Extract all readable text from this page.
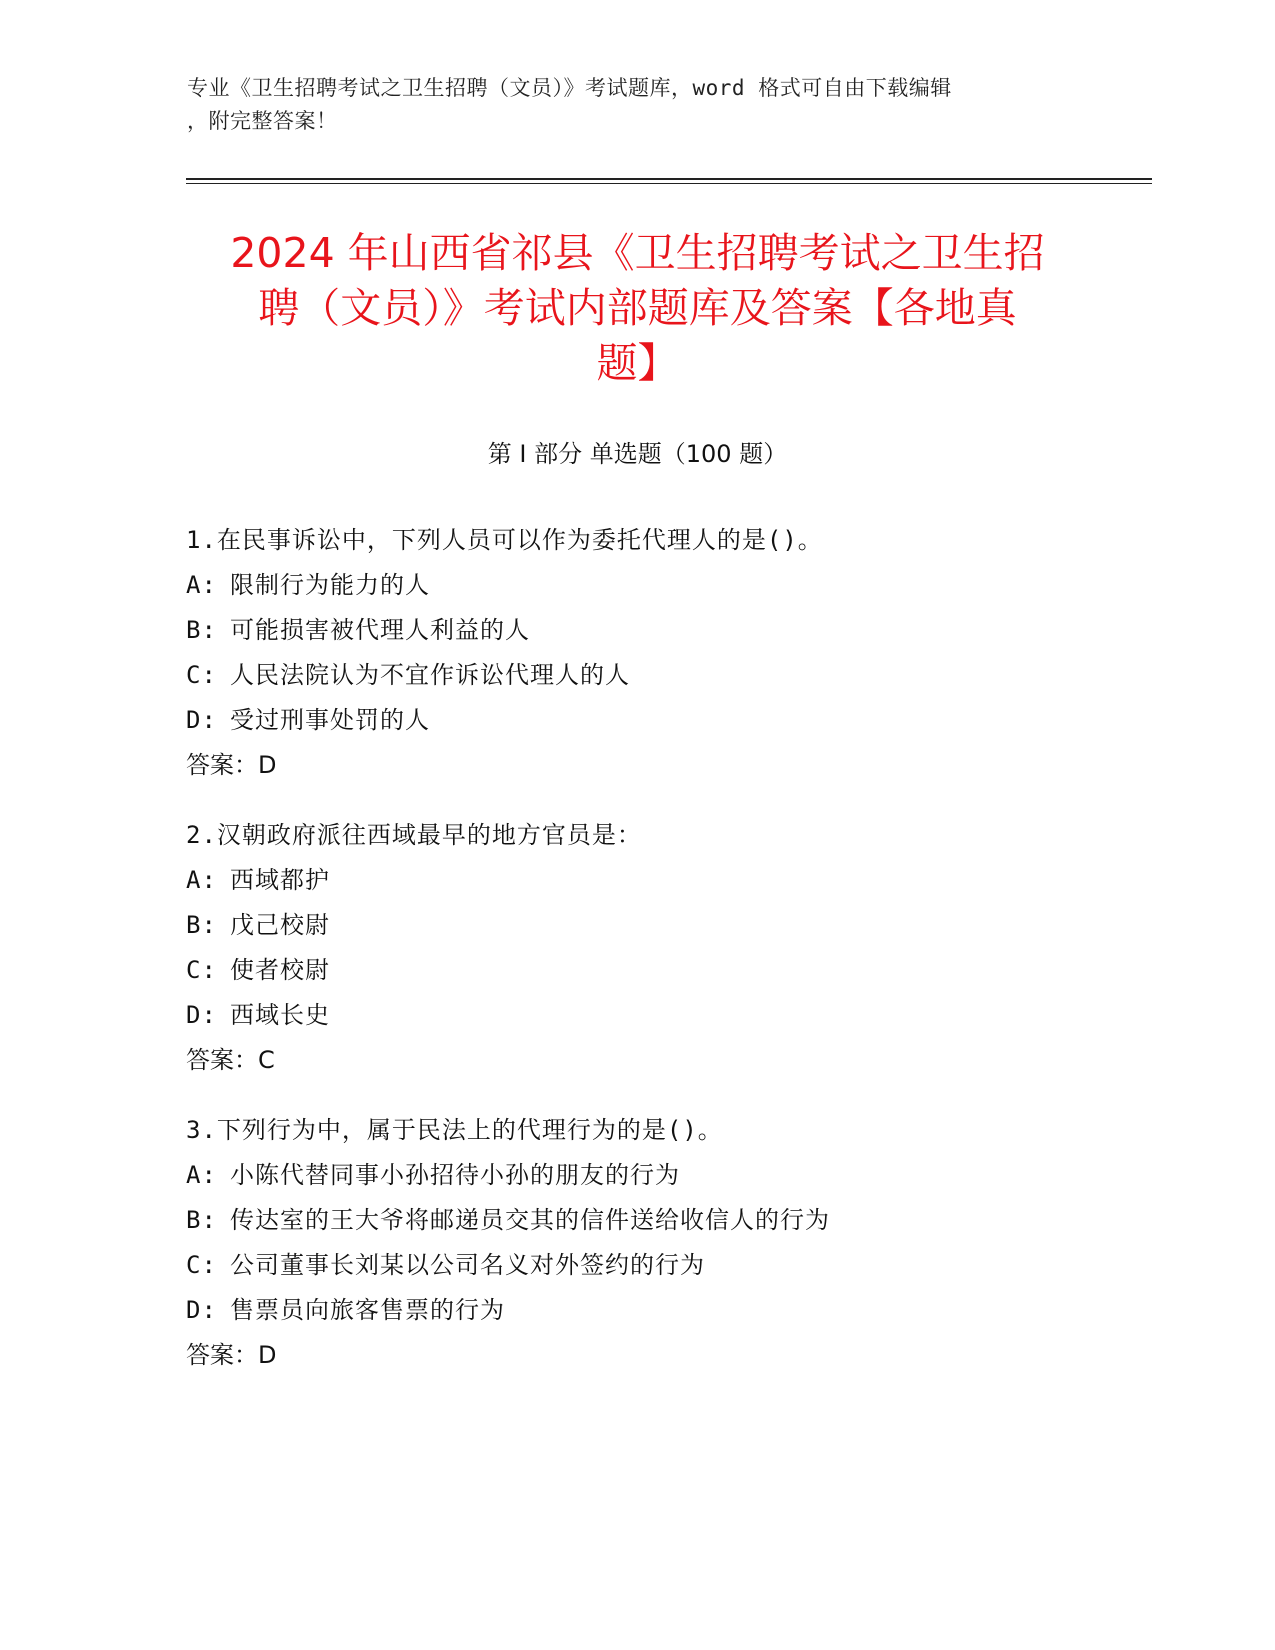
专业《卫生招聘考试之卫生招聘（文员）》考试题库，word 格式可自由下载编辑
，附完整答案！
2024 年山西省祁县《卫生招聘考试之卫生招
聘（文员）》考试内部题库及答案【各地真
题】
第 I 部分 单选题（100 题）
1.在民事诉讼中，下列人员可以作为委托代理人的是()。
A: 限制行为能力的人
B: 可能损害被代理人利益的人
C: 人民法院认为不宜作诉讼代理人的人
D: 受过刑事处罚的人
答案：D
2.汉朝政府派往西域最早的地方官员是：
A: 西域都护
B: 戊己校尉
C: 使者校尉
D: 西域长史
答案：C
3.下列行为中，属于民法上的代理行为的是()。
A: 小陈代替同事小孙招待小孙的朋友的行为
B: 传达室的王大爷将邮递员交其的信件送给收信人的行为
C: 公司董事长刘某以公司名义对外签约的行为
D: 售票员向旅客售票的行为
答案：D
